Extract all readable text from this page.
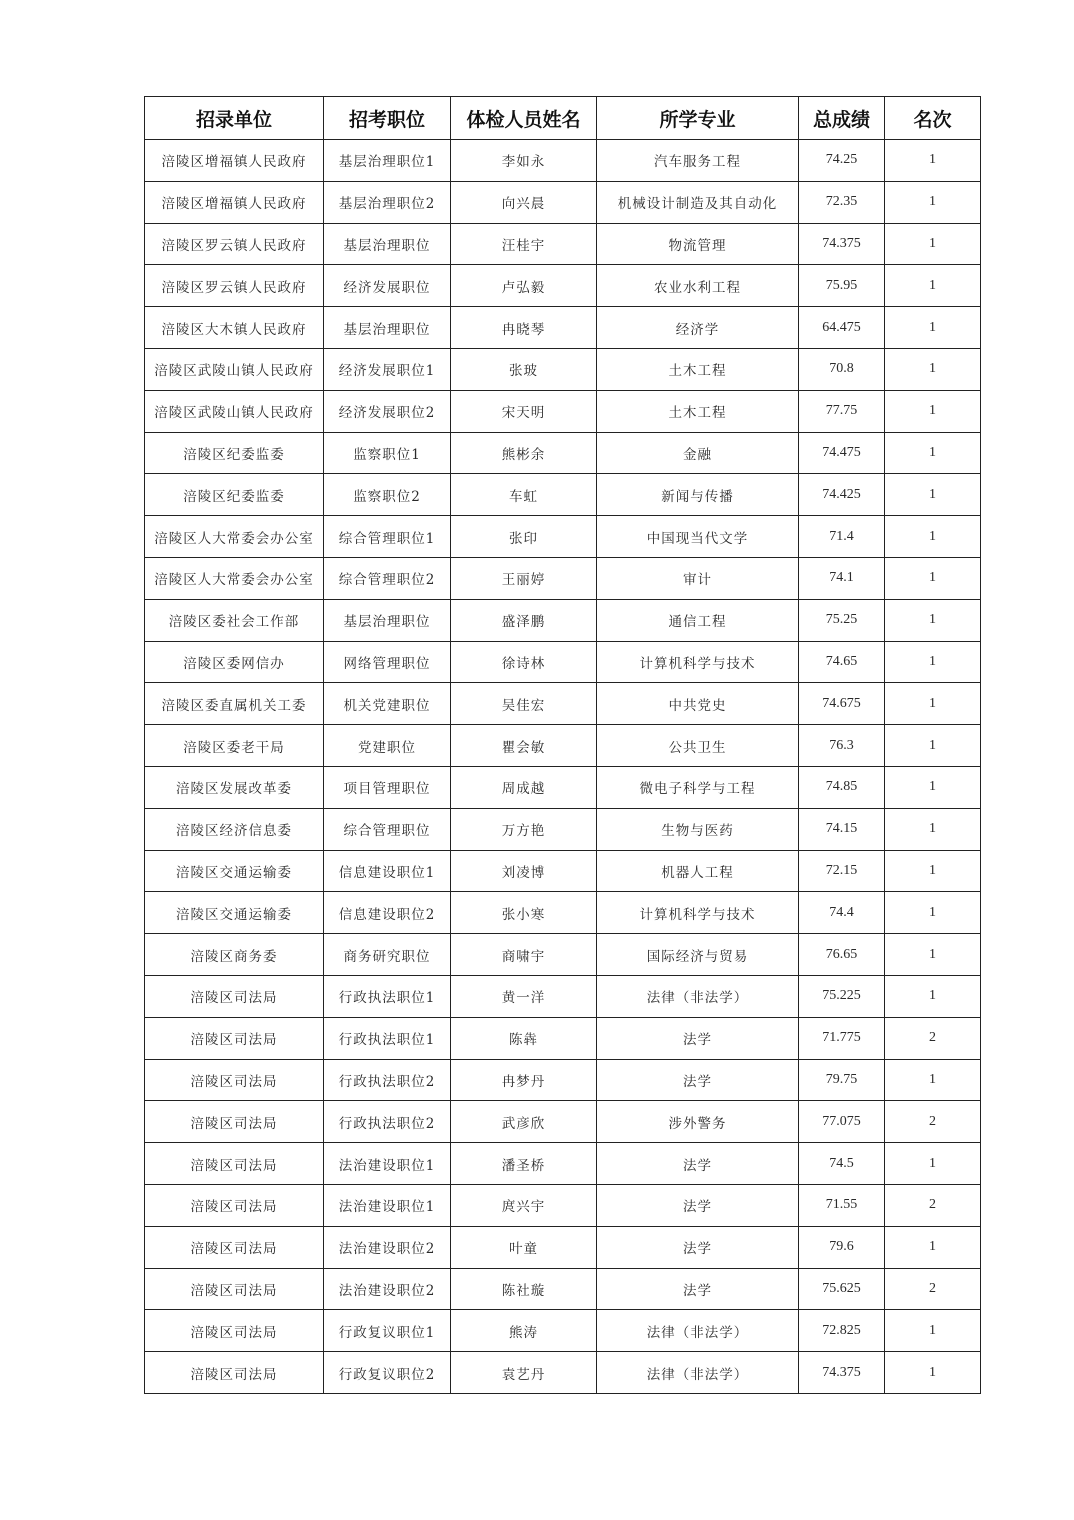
招录单位	招考职位	体检人员姓名	所学专业	总成绩	名次
涪陵区增福镇人民政府	基层治理职位1	李如永	汽车服务工程	74.25	1
涪陵区增福镇人民政府	基层治理职位2	向兴晨	机械设计制造及其自动化	72.35	1
涪陵区罗云镇人民政府	基层治理职位	汪桂宇	物流管理	74.375	1
涪陵区罗云镇人民政府	经济发展职位	卢弘毅	农业水利工程	75.95	1
涪陵区大木镇人民政府	基层治理职位	冉晓琴	经济学	64.475	1
涪陵区武陵山镇人民政府	经济发展职位1	张玻	土木工程	70.8	1
涪陵区武陵山镇人民政府	经济发展职位2	宋天明	土木工程	77.75	1
涪陵区纪委监委	监察职位1	熊彬余	金融	74.475	1
涪陵区纪委监委	监察职位2	车虹	新闻与传播	74.425	1
涪陵区人大常委会办公室	综合管理职位1	张印	中国现当代文学	71.4	1
涪陵区人大常委会办公室	综合管理职位2	王丽婷	审计	74.1	1
涪陵区委社会工作部	基层治理职位	盛泽鹏	通信工程	75.25	1
涪陵区委网信办	网络管理职位	徐诗林	计算机科学与技术	74.65	1
涪陵区委直属机关工委	机关党建职位	吴佳宏	中共党史	74.675	1
涪陵区委老干局	党建职位	瞿会敏	公共卫生	76.3	1
涪陵区发展改革委	项目管理职位	周成越	微电子科学与工程	74.85	1
涪陵区经济信息委	综合管理职位	万方艳	生物与医药	74.15	1
涪陵区交通运输委	信息建设职位1	刘凌博	机器人工程	72.15	1
涪陵区交通运输委	信息建设职位2	张小寒	计算机科学与技术	74.4	1
涪陵区商务委	商务研究职位	商啸宇	国际经济与贸易	76.65	1
涪陵区司法局	行政执法职位1	黄一洋	法律（非法学）	75.225	1
涪陵区司法局	行政执法职位1	陈犇	法学	71.775	2
涪陵区司法局	行政执法职位2	冉梦丹	法学	79.75	1
涪陵区司法局	行政执法职位2	武彦欣	涉外警务	77.075	2
涪陵区司法局	法治建设职位1	潘圣桥	法学	74.5	1
涪陵区司法局	法治建设职位1	庹兴宇	法学	71.55	2
涪陵区司法局	法治建设职位2	叶童	法学	79.6	1
涪陵区司法局	法治建设职位2	陈社璇	法学	75.625	2
涪陵区司法局	行政复议职位1	熊涛	法律（非法学）	72.825	1
涪陵区司法局	行政复议职位2	袁艺丹	法律（非法学）	74.375	1
